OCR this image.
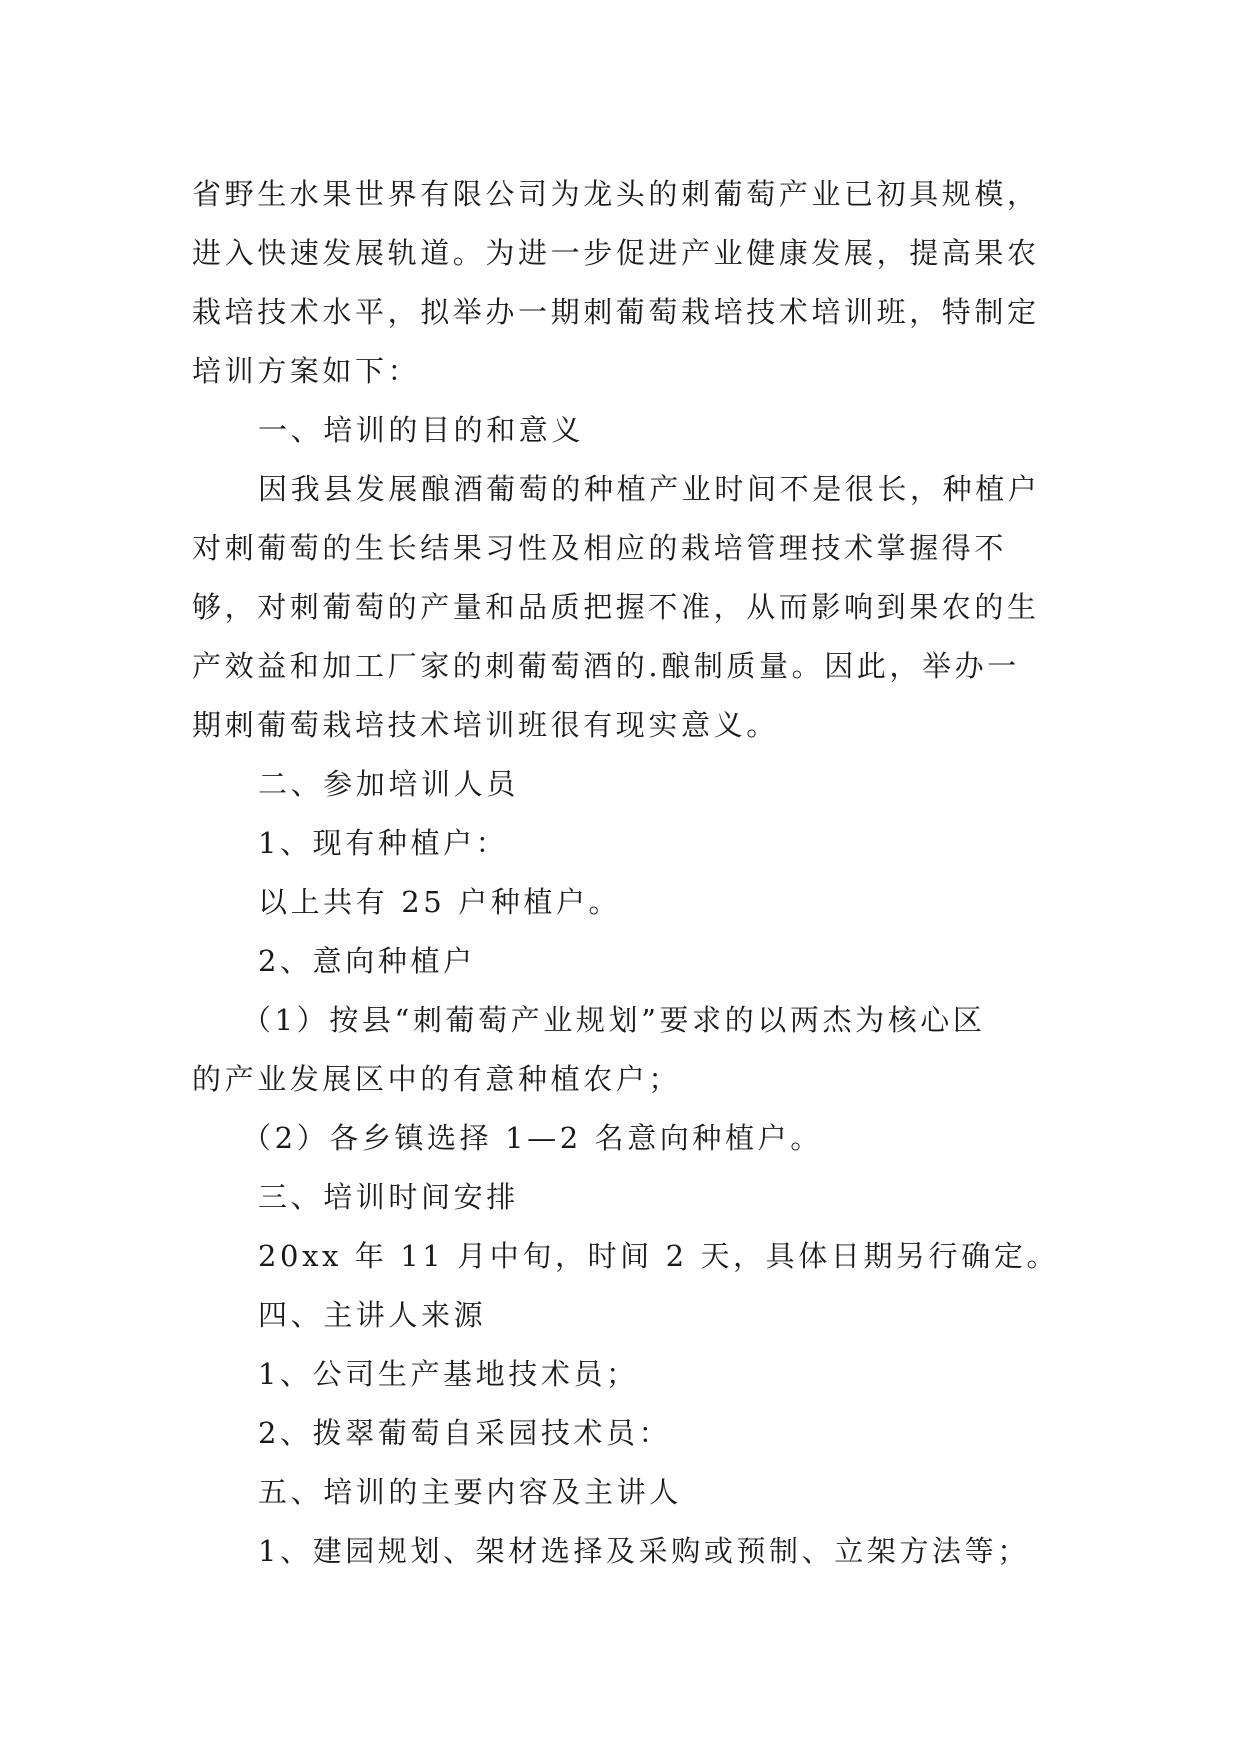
省野生水果世界有限公司为龙头的刺葡萄产业已初具规模，
进入快速发展轨道。为进一步促进产业健康发展，提高果农
栽培技术水平，拟举办一期刺葡萄栽培技术培训班，特制定
培训方案如下：
一、培训的目的和意义
因我县发展酿酒葡萄的种植产业时间不是很长，种植户
对刺葡萄的生长结果习性及相应的栽培管理技术掌握得不
够，对刺葡萄的产量和品质把握不准，从而影响到果农的生
产效益和加工厂家的刺葡萄酒的.酿制质量。因此，举办一
期刺葡萄栽培技术培训班很有现实意义。
二、参加培训人员
1、现有种植户：
以上共有 25 户种植户。
2、意向种植户
（1）按县“刺葡萄产业规划”要求的以两杰为核心区
的产业发展区中的有意种植农户；
（2）各乡镇选择 1—2 名意向种植户。
三、培训时间安排
20xx 年 11 月中旬，时间 2 天，具体日期另行确定。
四、主讲人来源
1、公司生产基地技术员；
2、拨翠葡萄自采园技术员：
五、培训的主要内容及主讲人
1、建园规划、架材选择及采购或预制、立架方法等；
